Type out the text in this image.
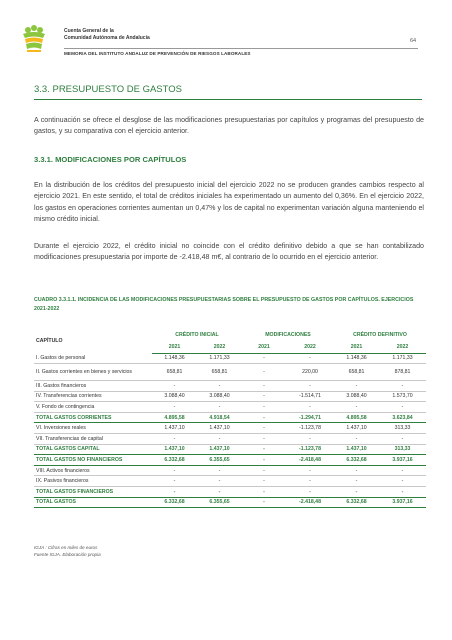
Cuenta General de la
Comunidad Autónoma de Andalucía
64
MEMORIA DEL INSTITUTO ANDALUZ DE PREVENCIÓN DE RIESGOS LABORALES
3.3. PRESUPUESTO DE GASTOS
A continuación se ofrece el desglose de las modificaciones presupuestarias por capítulos y programas del presupuesto de gastos, y su comparativa con el ejercicio anterior.
3.3.1. MODIFICACIONES POR CAPÍTULOS
En la distribución de los créditos del presupuesto inicial del ejercicio 2022 no se producen grandes cambios respecto al ejercicio 2021. En este sentido, el total de créditos iniciales ha experimentado un aumento del 0,36%. En el ejercicio 2022, los gastos en operaciones corrientes aumentan un 0,47% y los de capital no experimentan variación alguna manteniendo el mismo crédito inicial.
Durante el ejercicio 2022, el crédito inicial no coincide con el crédito definitivo debido a que se han contabilizado modificaciones presupuestaria por importe de -2.418,48 m€, al contrario de lo ocurrido en el ejercicio anterior.
CUADRO 3.3.1.1. INCIDENCIA DE LAS MODIFICACIONES PRESUPUESTARIAS SOBRE EL PRESUPUESTO DE GASTOS POR CAPÍTULOS. EJERCICIOS 2021-2022
CAPÍTULO	CRÉDITO INICIAL		MODIFICACIONES		CRÉDITO DEFINITIVO	
	2021	2022	2021	2022	2021	2022
I. Gastos de personal	1.148,36	1.171,33	-	-	1.148,36	1.171,33
II. Gastos corrientes en bienes y servicios	658,81	658,81	-	220,00	658,81	878,81
III. Gastos financieros	-	-	-	-	-	-
IV. Transferencias corrientes	3.088,40	3.088,40	-	-1.514,71	3.088,40	1.573,70
V. Fondo de contingencia	-	-	-	-	-	-
TOTAL GASTOS CORRIENTES	4.895,58	4.918,54	-	-1.294,71	4.895,58	3.623,84
VI. Inversiones reales	1.437,10	1.437,10	-	-1.123,78	1.437,10	313,33
VII. Transferencias de capital	-	-	-	-	-	-
TOTAL GASTOS CAPITAL	1.437,10	1.437,10	-	-1.123,78	1.437,10	313,33
TOTAL GASTOS NO FINANCIEROS	6.332,68	6.355,65	-	-2.418,48	6.332,68	3.937,16
VIII. Activos financieros	-	-	-	-	-	-
IX. Pasivos financieros	-	-	-	-	-	-
TOTAL GASTOS FINANCIEROS	-	-	-	-	-	-
TOTAL GASTOS	6.332,68	6.355,65	-	-2.418,48	6.332,68	3.937,16
IGJA : Cifras en miles de euros
Fuente IGJA. Elaboración propia
